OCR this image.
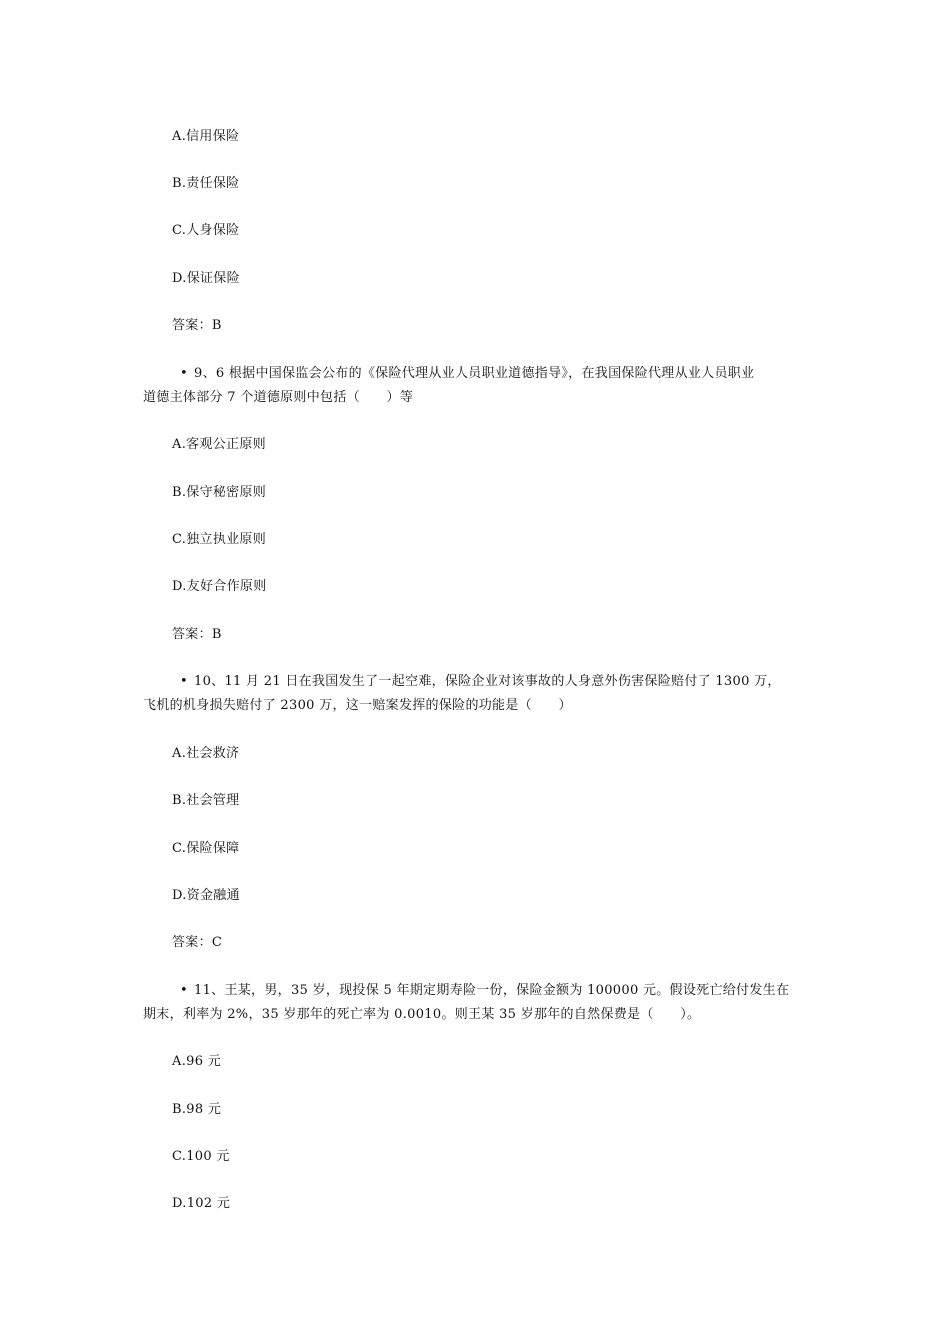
A.信用保险
B.责任保险
C.人身保险
D.保证保险
答案：B
• 9、6 根据中国保监会公布的《保险代理从业人员职业道德指导》，在我国保险代理从业人员职业
道德主体部分 7 个道德原则中包括（　　）等
A.客观公正原则
B.保守秘密原则
C.独立执业原则
D.友好合作原则
答案：B
• 10、11 月 21 日在我国发生了一起空难，保险企业对该事故的人身意外伤害保险赔付了 1300 万，
飞机的机身损失赔付了 2300 万，这一赔案发挥的保险的功能是（　　）
A.社会救济
B.社会管理
C.保险保障
D.资金融通
答案：C
• 11、王某，男，35 岁，现投保 5 年期定期寿险一份，保险金额为 100000 元。假设死亡给付发生在
期末，利率为 2%，35 岁那年的死亡率为 0.0010。则王某 35 岁那年的自然保费是（　　）。
A.96 元
B.98 元
C.100 元
D.102 元
